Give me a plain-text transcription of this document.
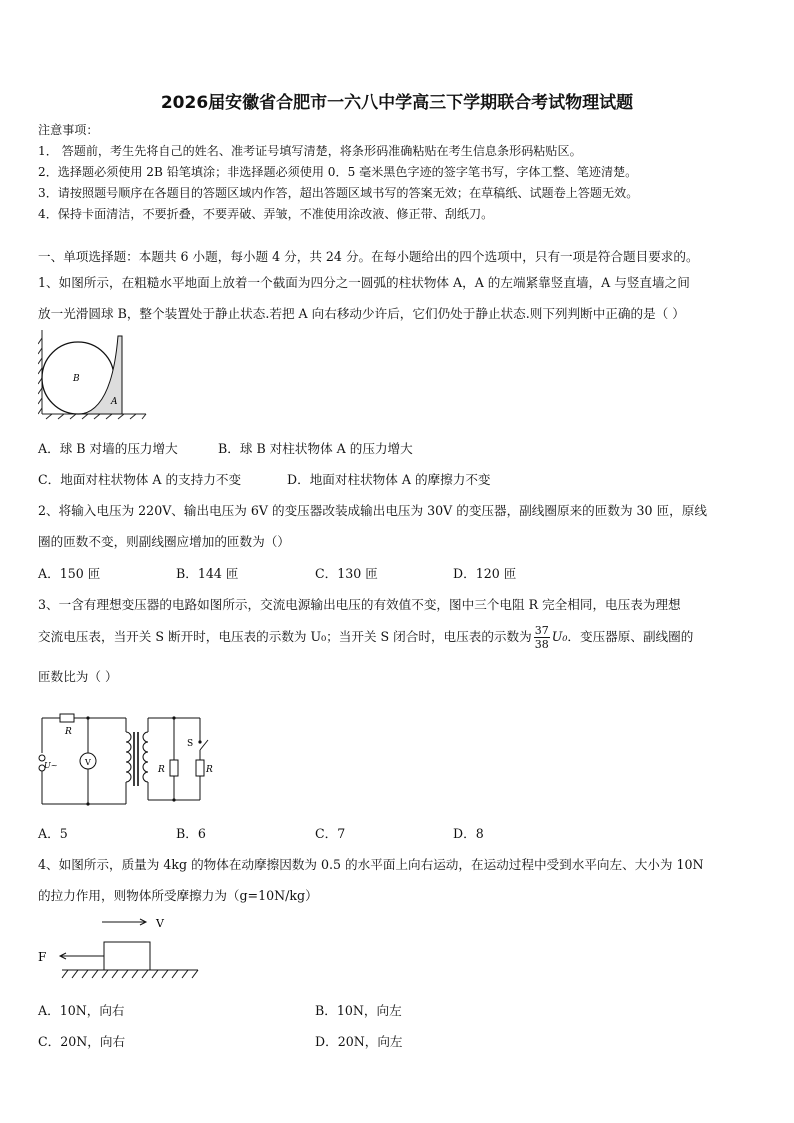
2026届安徽省合肥市一六八中学高三下学期联合考试物理试题
注意事项：
1． 答题前，考生先将自己的姓名、准考证号填写清楚，将条形码准确粘贴在考生信息条形码粘贴区。
2．选择题必须使用 2B 铅笔填涂；非选择题必须使用 0．5 毫米黑色字迹的签字笔书写，字体工整、笔迹清楚。
3．请按照题号顺序在各题目的答题区域内作答，超出答题区域书写的答案无效；在草稿纸、试题卷上答题无效。
4．保持卡面清洁，不要折叠，不要弄破、弄皱，不准使用涂改液、修正带、刮纸刀。
一、单项选择题：本题共 6 小题，每小题 4 分，共 24 分。在每小题给出的四个选项中，只有一项是符合题目要求的。
1、如图所示，在粗糙水平地面上放着一个截面为四分之一圆弧的柱状物体 A，A 的左端紧靠竖直墙，A 与竖直墙之间
放一光滑圆球 B，整个装置处于静止状态.若把 A 向右移动少许后，它们仍处于静止状态.则下列判断中正确的是（ ）
B
A
A．球 B 对墙的压力增大	B．球 B 对柱状物体 A 的压力增大
C．地面对柱状物体 A 的支持力不变	D．地面对柱状物体 A 的摩擦力不变
2、将输入电压为 220V、输出电压为 6V 的变压器改装成输出电压为 30V 的变压器，副线圈原来的匝数为 30 匝，原线
圈的匝数不变，则副线圈应增加的匝数为（）
A．150 匝	B．144 匝	C．130 匝	D．120 匝
3、一含有理想变压器的电路如图所示，交流电源输出电压的有效值不变，图中三个电阻 R 完全相同，电压表为理想
交流电压表，当开关 S 断开时，电压表的示数为 U₀；当开关 S 闭合时，电压表的示数为 $\frac{37}{38} U_0$．变压器原、副线圈的
匝数比为（ ）
R
U~	V
R	R
S
A．5	B．6	C．7	D．8
4、如图所示，质量为 4kg 的物体在动摩擦因数为 0.5 的水平面上向右运动，在运动过程中受到水平向左、大小为 10N
的拉力作用，则物体所受摩擦力为（g=10N/kg）
V
F
A．10N，向右	B．10N，向左
C．20N，向右	D．20N，向左
